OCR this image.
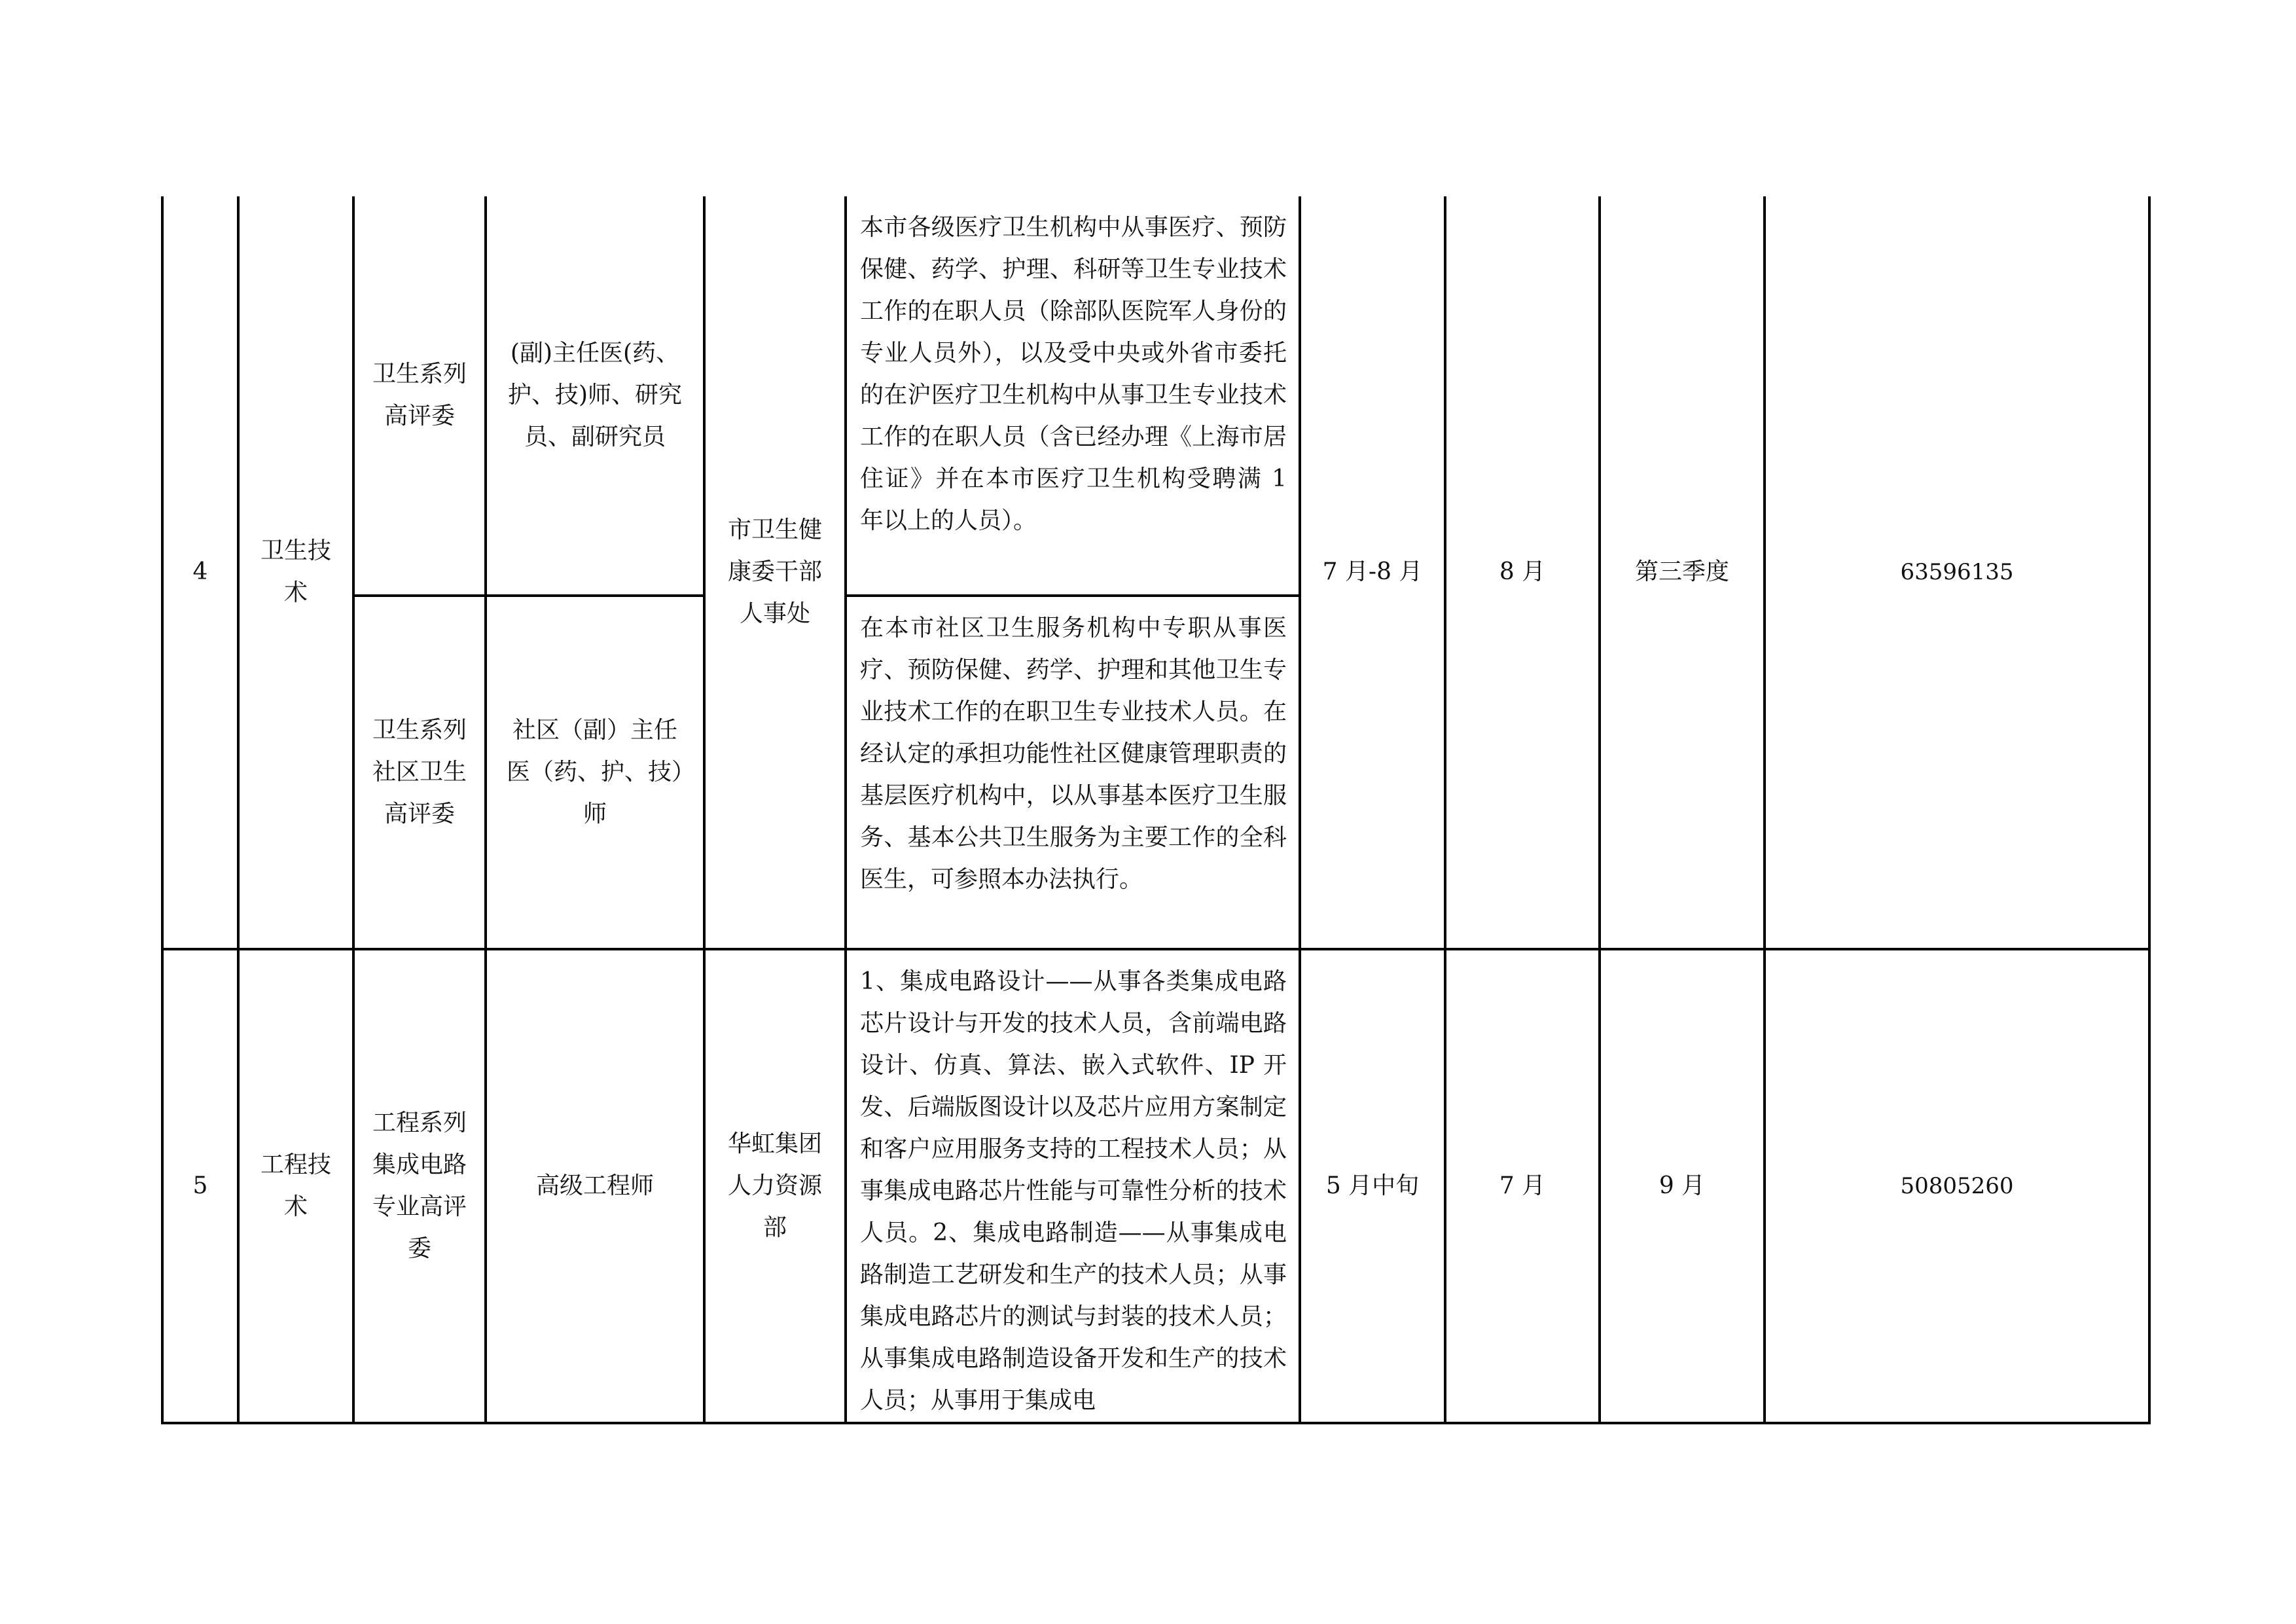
4	卫生技术	卫生系列高评委	(副)主任医(药、护、技)师、研究员、副研究员	市卫生健康委干部人事处	本市各级医疗卫生机构中从事医疗、预防保健、药学、护理、科研等卫生专业技术工作的在职人员（除部队医院军人身份的专业人员外），以及受中央或外省市委托的在沪医疗卫生机构中从事卫生专业技术工作的在职人员（含已经办理《上海市居住证》并在本市医疗卫生机构受聘满 1 年以上的人员）。	7 月-8 月	8 月	第三季度	63596135
		卫生系列社区卫生高评委	社区（副）主任医（药、护、技）师		在本市社区卫生服务机构中专职从事医疗、预防保健、药学、护理和其他卫生专业技术工作的在职卫生专业技术人员。在经认定的承担功能性社区健康管理职责的基层医疗机构中，以从事基本医疗卫生服务、基本公共卫生服务为主要工作的全科医生，可参照本办法执行。				
5	工程技术	工程系列集成电路专业高评委	高级工程师	华虹集团人力资源部	1、集成电路设计——从事各类集成电路芯片设计与开发的技术人员，含前端电路设计、仿真、算法、嵌入式软件、IP 开发、后端版图设计以及芯片应用方案制定和客户应用服务支持的工程技术人员；从事集成电路芯片性能与可靠性分析的技术人员。2、集成电路制造——从事集成电路制造工艺研发和生产的技术人员；从事集成电路芯片的测试与封装的技术人员；从事集成电路制造设备开发和生产的技术人员；从事用于集成电	5 月中旬	7 月	9 月	50805260
